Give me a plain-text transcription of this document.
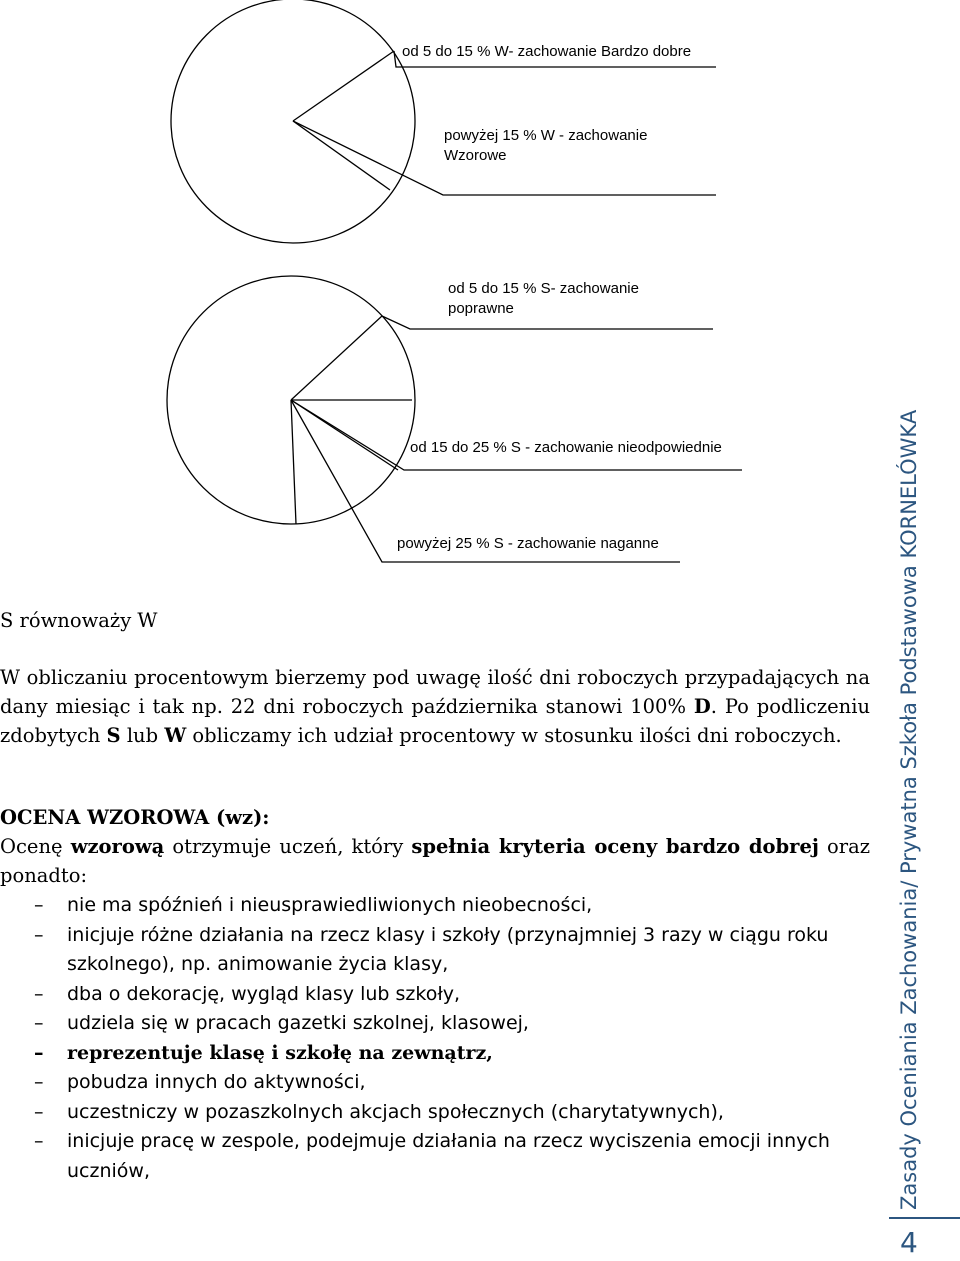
od 5 do 15 % W- zachowanie Bardzo dobre
powyżej 15 % W - zachowanie
Wzorowe
od 5 do 15 % S- zachowanie
poprawne
od 15 do 25 % S - zachowanie nieodpowiednie
powyżej 25 % S - zachowanie naganne

S równoważy W

W obliczaniu procentowym bierzemy pod uwagę ilość dni roboczych przypadających na dany miesiąc i tak np. 22 dni roboczych października stanowi 100% D. Po podliczeniu zdobytych S lub W obliczamy ich udział procentowy w stosunku ilości dni roboczych.

OCENA WZOROWA (wz):

Ocenę wzorową otrzymuje uczeń, który spełnia kryteria oceny bardzo dobrej oraz ponadto:

– nie ma spóźnień i nieusprawiedliwionych nieobecności,
– inicjuje różne działania na rzecz klasy i szkoły (przynajmniej 3 razy w ciągu roku szkolnego), np. animowanie życia klasy,
– dba o dekorację, wygląd klasy lub szkoły,
– udziela się w pracach gazetki szkolnej, klasowej,
– reprezentuje klasę i szkołę na zewnątrz,
– pobudza innych do aktywności,
– uczestniczy w pozaszkolnych akcjach społecznych (charytatywnych),
– inicjuje pracę w zespole, podejmuje działania na rzecz wyciszenia emocji innych uczniów,	Zasady Oceniania Zachowania/ Prywatna Szkoła Podstawowa KORNELÓWKA
4
